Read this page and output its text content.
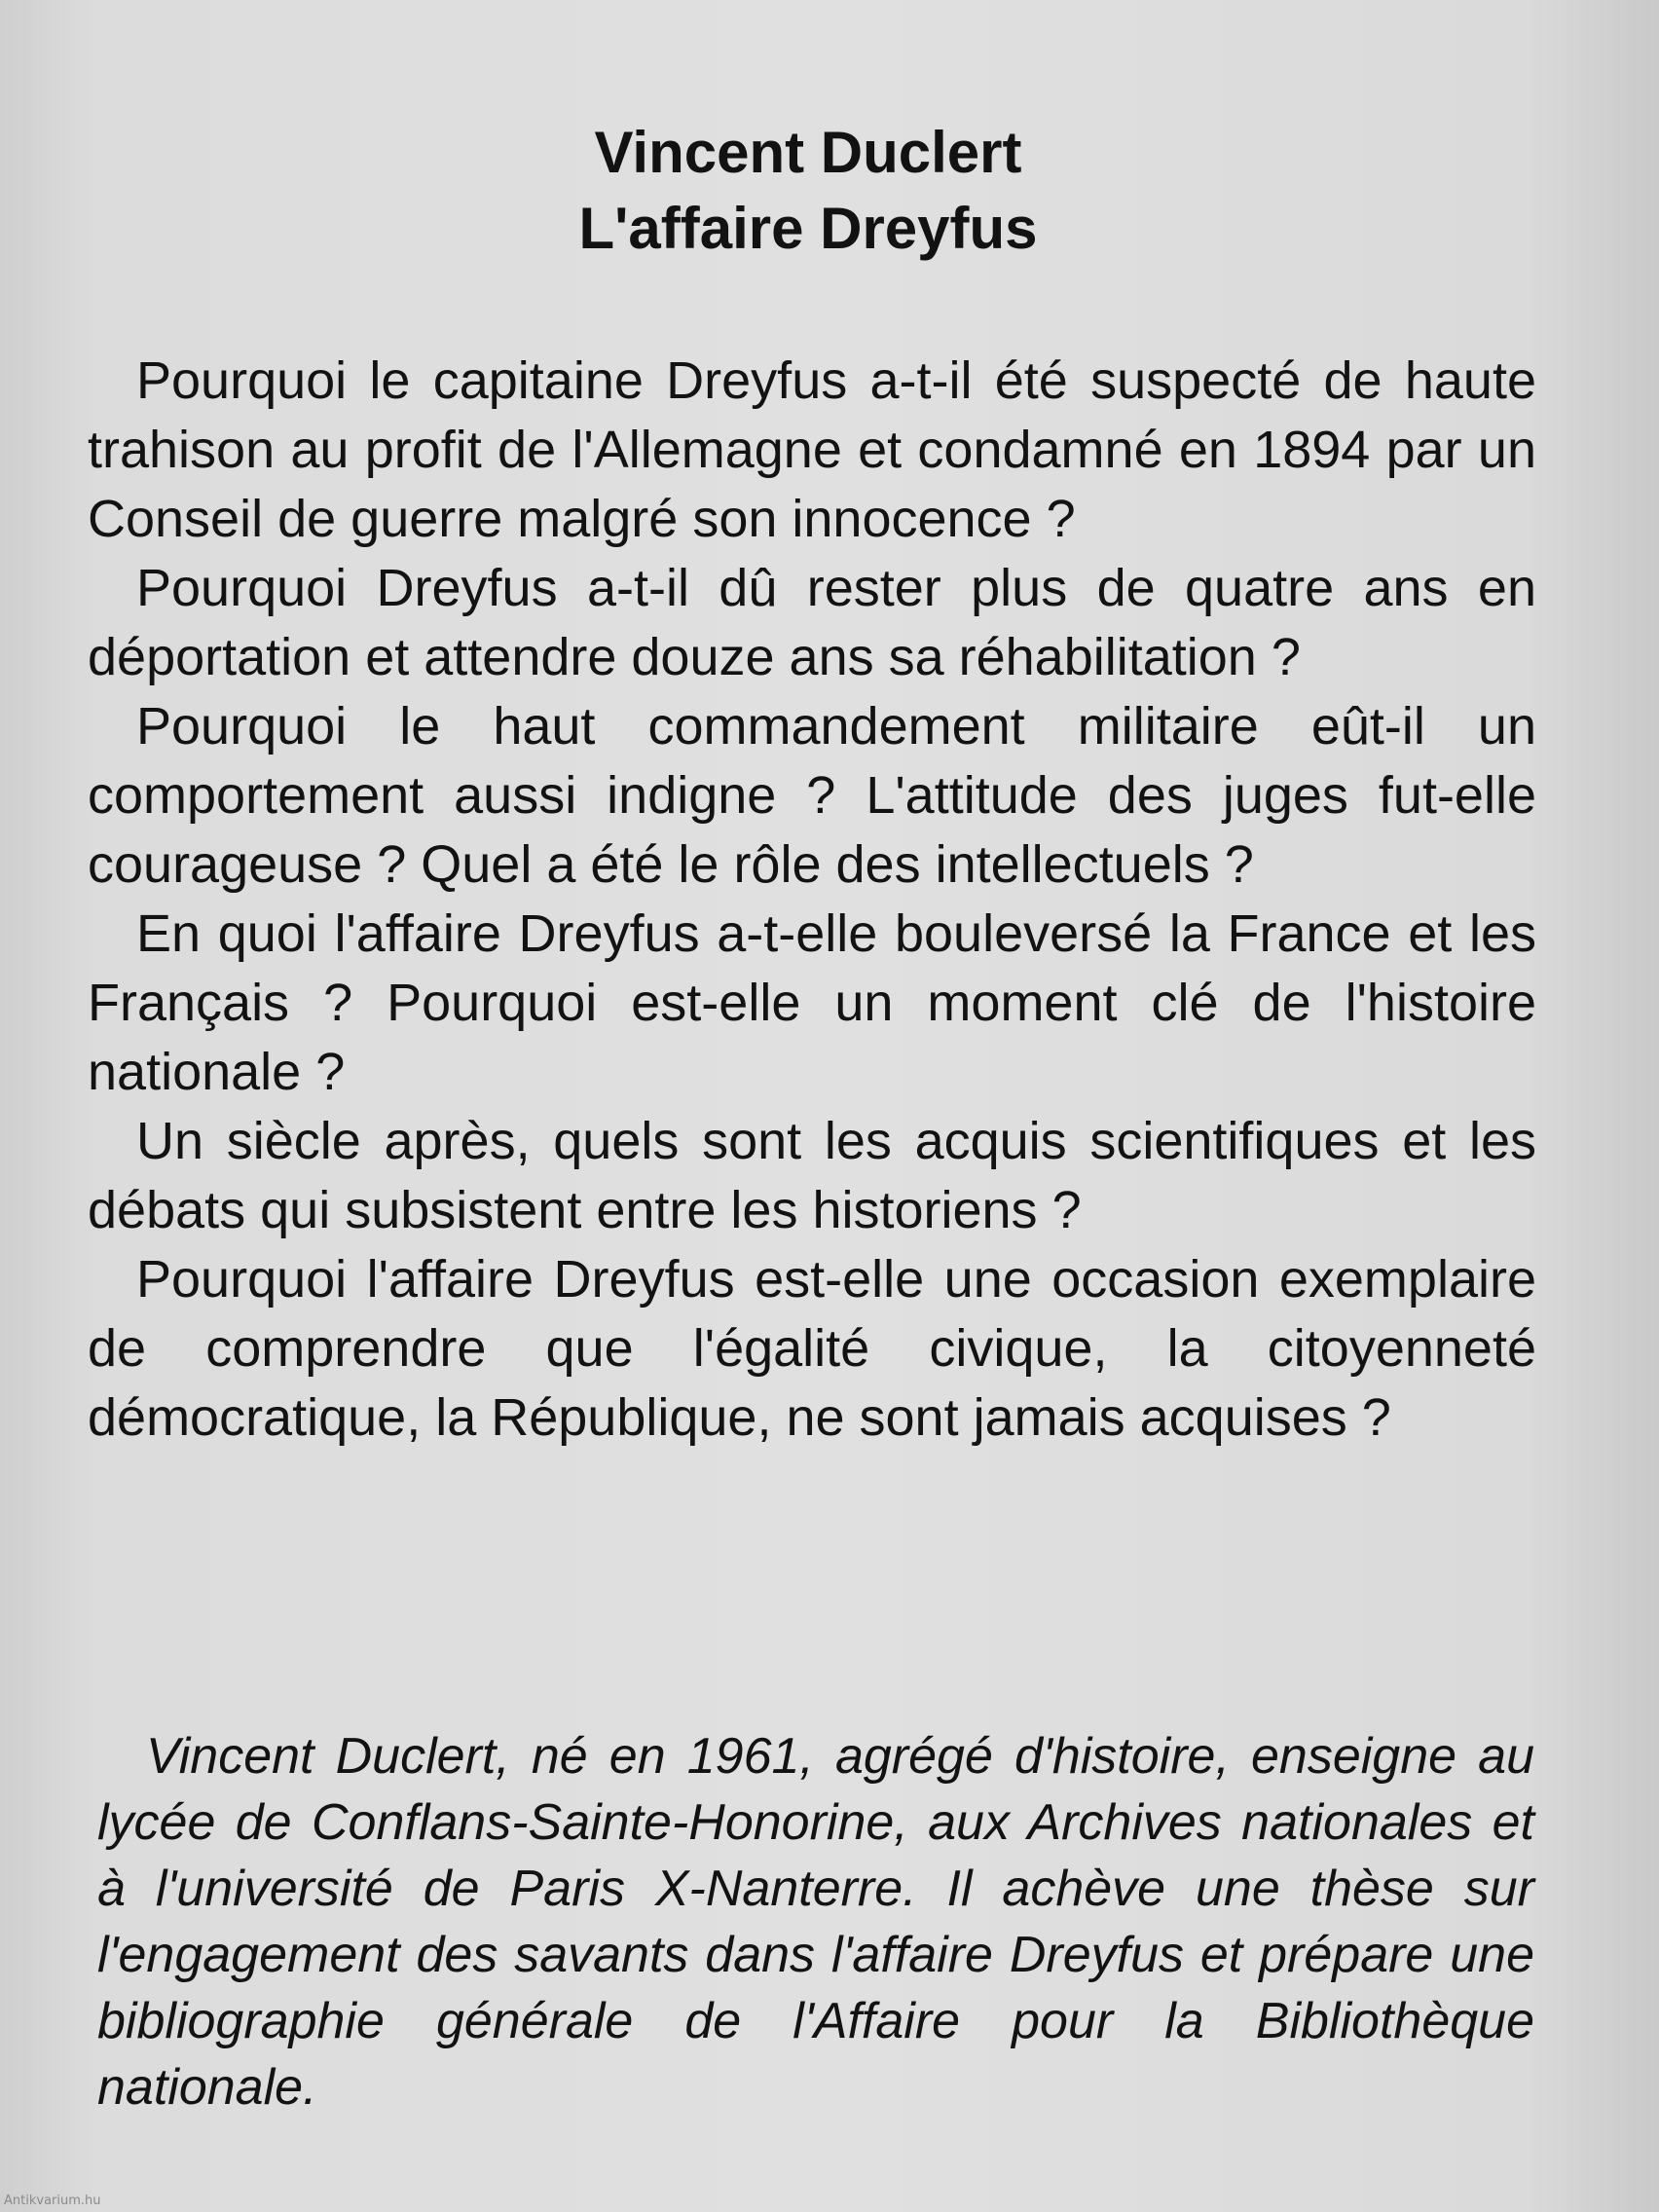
Vincent Duclert
L'affaire Dreyfus

Pourquoi le capitaine Dreyfus a-t-il été suspecté de haute trahison au profit de l'Allemagne et condamné en 1894 par un Conseil de guerre malgré son innocence ?

Pourquoi Dreyfus a-t-il dû rester plus de quatre ans en déportation et attendre douze ans sa réhabilitation ?

Pourquoi le haut commandement militaire eût-il un comportement aussi indigne ? L'attitude des juges fut-elle courageuse ? Quel a été le rôle des intellectuels ?

En quoi l'affaire Dreyfus a-t-elle bouleversé la France et les Français ? Pourquoi est-elle un moment clé de l'histoire nationale ?

Un siècle après, quels sont les acquis scientifiques et les débats qui subsistent entre les historiens ?

Pourquoi l'affaire Dreyfus est-elle une occasion exemplaire de comprendre que l'égalité civique, la citoyenneté démocratique, la République, ne sont jamais acquises ?

Vincent Duclert, né en 1961, agrégé d'histoire, enseigne au lycée de Conflans-Sainte-Honorine, aux Archives nationales et à l'université de Paris X-Nanterre. Il achève une thèse sur l'engagement des savants dans l'affaire Dreyfus et prépare une bibliographie générale de l'Affaire pour la Bibliothèque nationale.

Antikvarium.hu
